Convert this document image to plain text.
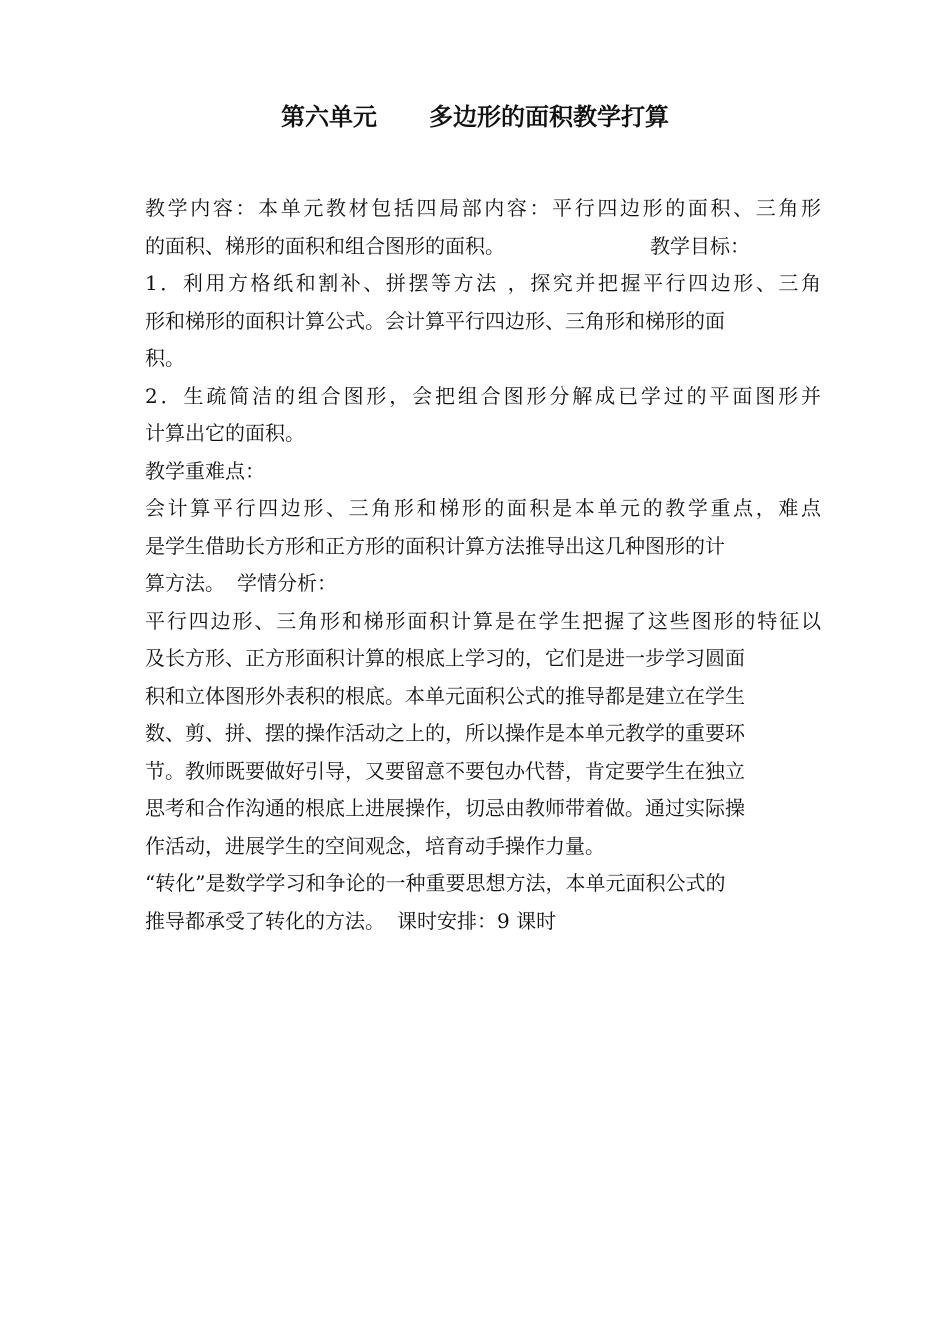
第六单元 多边形的面积教学打算
教学内容：本单元教材包括四局部内容：平行四边形的面积、三角形
的面积、梯形的面积和组合图形的面积。	教学目标：
1．利用方格纸和割补、拼摆等方法 ，探究并把握平行四边形、三角
形和梯形的面积计算公式。会计算平行四边形、三角形和梯形的面
积。
2．生疏简洁的组合图形，会把组合图形分解成已学过的平面图形并
计算出它的面积。
教学重难点：
会计算平行四边形、三角形和梯形的面积是本单元的教学重点，难点
是学生借助长方形和正方形的面积计算方法推导出这几种图形的计
算方法。 学情分析：
平行四边形、三角形和梯形面积计算是在学生把握了这些图形的特征以
及长方形、正方形面积计算的根底上学习的，它们是进一步学习圆面
积和立体图形外表积的根底。本单元面积公式的推导都是建立在学生
数、剪、拼、摆的操作活动之上的，所以操作是本单元教学的重要环
节。教师既要做好引导，又要留意不要包办代替，肯定要学生在独立
思考和合作沟通的根底上进展操作，切忌由教师带着做。通过实际操
作活动，进展学生的空间观念，培育动手操作力量。
“转化”是数学学习和争论的一种重要思想方法，本单元面积公式的
推导都承受了转化的方法。 课时安排：9 课时
